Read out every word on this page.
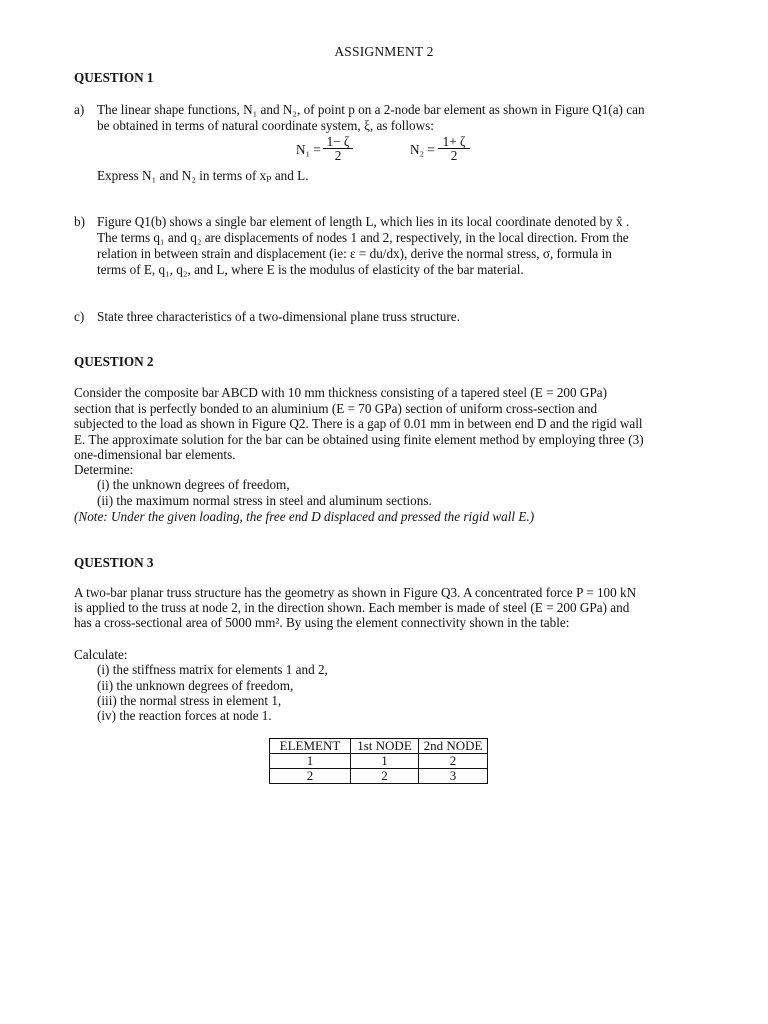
ASSIGNMENT 2
QUESTION 1
a) The linear shape functions, N₁ and N₂, of point p on a 2-node bar element as shown in Figure Q1(a) can
be obtained in terms of natural coordinate system, ξ, as follows:
$N_1 = \frac{1- \zeta}{2}$	$N_2 = \frac{1+ \zeta}{2}$
Express N₁ and N₂ in terms of xₚ and L.
b) Figure Q1(b) shows a single bar element of length L, which lies in its local coordinate denoted by x̂ .
The terms q₁ and q₂ are displacements of nodes 1 and 2, respectively, in the local direction. From the
relation in between strain and displacement (ie: ε = du/dx), derive the normal stress, σ, formula in
terms of E, q₁, q₂, and L, where E is the modulus of elasticity of the bar material.
c) State three characteristics of a two-dimensional plane truss structure.
QUESTION 2
Consider the composite bar ABCD with 10 mm thickness consisting of a tapered steel (E = 200 GPa)
section that is perfectly bonded to an aluminium (E = 70 GPa) section of uniform cross-section and
subjected to the load as shown in Figure Q2. There is a gap of 0.01 mm in between end D and the rigid wall
E. The approximate solution for the bar can be obtained using finite element method by employing three (3)
one-dimensional bar elements.
Determine:
(i) the unknown degrees of freedom,
(ii) the maximum normal stress in steel and aluminum sections.
(Note: Under the given loading, the free end D displaced and pressed the rigid wall E.)
QUESTION 3
A two-bar planar truss structure has the geometry as shown in Figure Q3. A concentrated force P = 100 kN
is applied to the truss at node 2, in the direction shown. Each member is made of steel (E = 200 GPa) and
has a cross-sectional area of 5000 mm². By using the element connectivity shown in the table:
Calculate:
(i) the stiffness matrix for elements 1 and 2,
(ii) the unknown degrees of freedom,
(iii) the normal stress in element 1,
(iv) the reaction forces at node 1.
ELEMENT	1st NODE	2nd NODE
1	1	2
2	2	3
